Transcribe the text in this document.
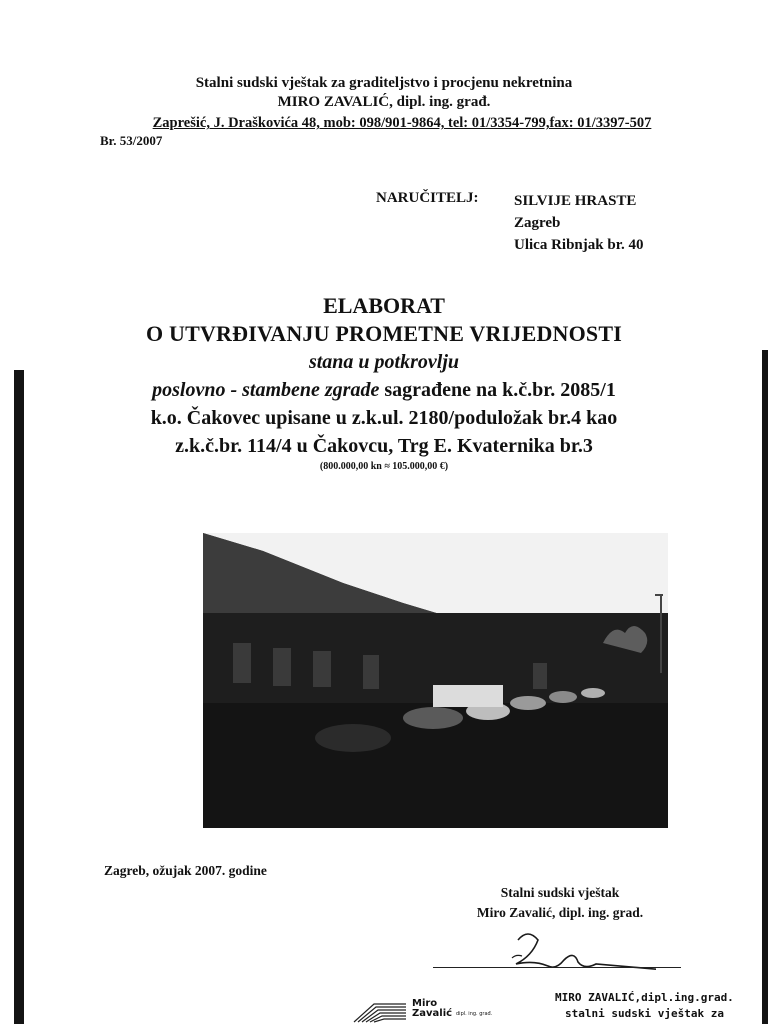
Stalni sudski vještak za graditeljstvo i procjenu nekretnina
MIRO ZAVALIĆ, dipl. ing. građ.
Zaprešić, J. Draškovića 48, mob: 098/901-9864, tel: 01/3354-799,fax: 01/3397-507
Br. 53/2007
NARUČITELJ: SILVIJE HRASTE
Zagreb
Ulica Ribnjak br. 40
ELABORAT
O UTVRĐIVANJU PROMETNE VRIJEDNOSTI
stana u potkrovlju
poslovno - stambene zgrade sagrađene na k.č.br. 2085/1
k.o. Čakovec upisane u z.k.ul. 2180/poduložak br.4 kao
z.k.č.br. 114/4 u Čakovcu, Trg E. Kvaternika br.3
(800.000,00 kn ≈ 105.000,00 €)
Zagreb, ožujak 2007. godine
Stalni sudski vještak
Miro Zavalić, dipl. ing. grad.
Miro
Zavalić dipl. ing. građ.
MIRO ZAVALIĆ,dipl.ing.grad.
stalni sudski vještak za
